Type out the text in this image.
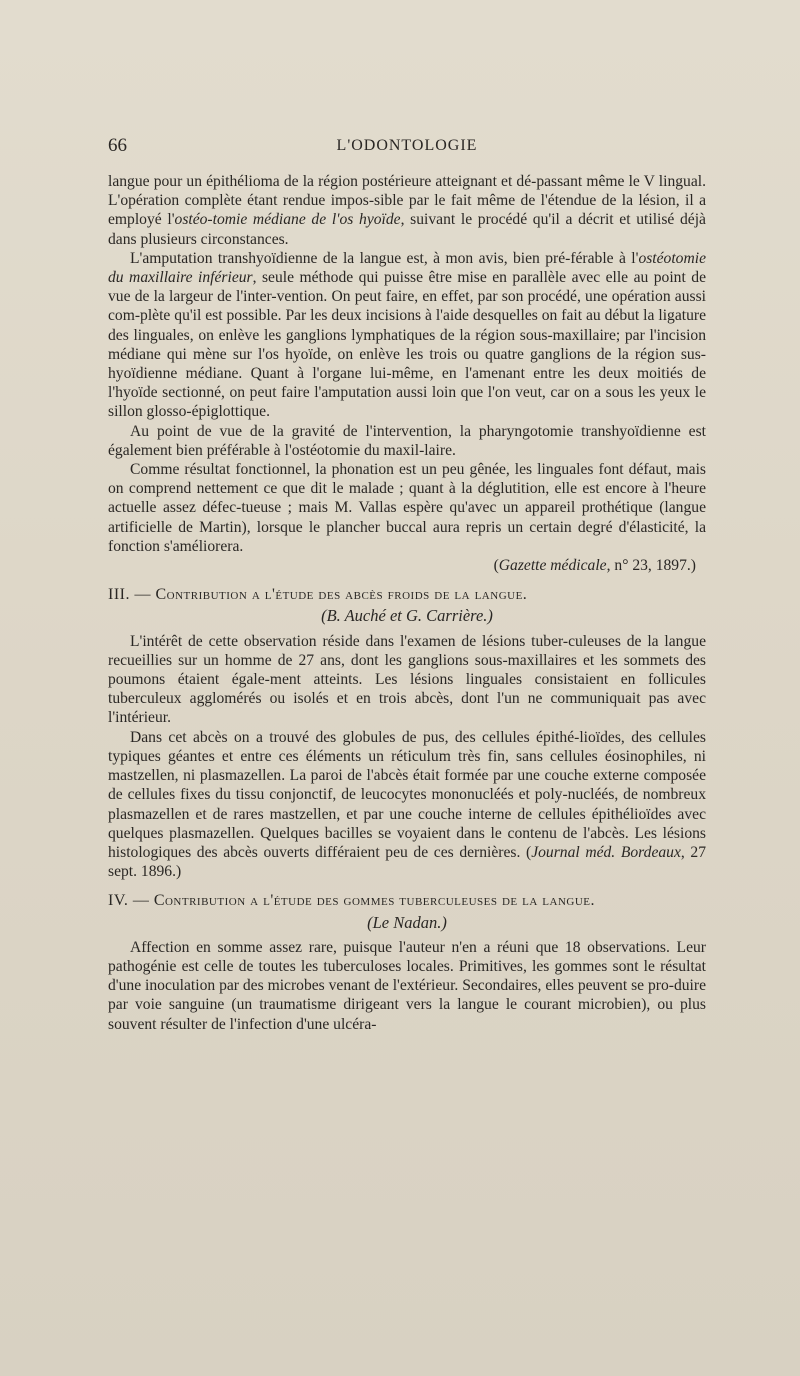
66	L'ODONTOLOGIE

langue pour un épithélioma de la région postérieure atteignant et dé-passant même le V lingual. L'opération complète étant rendue impos-sible par le fait même de l'étendue de la lésion, il a employé l'ostéo-tomie médiane de l'os hyoïde, suivant le procédé qu'il a décrit et utilisé déjà dans plusieurs circonstances.

L'amputation transhyoïdienne de la langue est, à mon avis, bien pré-férable à l'ostéotomie du maxillaire inférieur, seule méthode qui puisse être mise en parallèle avec elle au point de vue de la largeur de l'inter-vention. On peut faire, en effet, par son procédé, une opération aussi com-plète qu'il est possible. Par les deux incisions à l'aide desquelles on fait au début la ligature des linguales, on enlève les ganglions lymphatiques de la région sous-maxillaire; par l'incision médiane qui mène sur l'os hyoïde, on enlève les trois ou quatre ganglions de la région sus-hyoïdienne médiane. Quant à l'organe lui-même, en l'amenant entre les deux moitiés de l'hyoïde sectionné, on peut faire l'amputation aussi loin que l'on veut, car on a sous les yeux le sillon glosso-épiglottique.

Au point de vue de la gravité de l'intervention, la pharyngotomie transhyoïdienne est également bien préférable à l'ostéotomie du maxil-laire.

Comme résultat fonctionnel, la phonation est un peu gênée, les linguales font défaut, mais on comprend nettement ce que dit le malade ; quant à la déglutition, elle est encore à l'heure actuelle assez défec-tueuse ; mais M. Vallas espère qu'avec un appareil prothétique (langue artificielle de Martin), lorsque le plancher buccal aura repris un certain degré d'élasticité, la fonction s'améliorera.

(Gazette médicale, n° 23, 1897.)

III. — Contribution a l'étude des abcès froids de la langue.
(B. Auché et G. Carrière.)

L'intérêt de cette observation réside dans l'examen de lésions tuber-culeuses de la langue recueillies sur un homme de 27 ans, dont les ganglions sous-maxillaires et les sommets des poumons étaient égale-ment atteints. Les lésions linguales consistaient en follicules tuberculeux agglomérés ou isolés et en trois abcès, dont l'un ne communiquait pas avec l'intérieur.

Dans cet abcès on a trouvé des globules de pus, des cellules épithé-lioïdes, des cellules typiques géantes et entre ces éléments un réticulum très fin, sans cellules éosinophiles, ni mastzellen, ni plasmazellen. La paroi de l'abcès était formée par une couche externe composée de cellules fixes du tissu conjonctif, de leucocytes mononucléés et poly-nucléés, de nombreux plasmazellen et de rares mastzellen, et par une couche interne de cellules épithélioïdes avec quelques plasmazellen. Quelques bacilles se voyaient dans le contenu de l'abcès. Les lésions histologiques des abcès ouverts différaient peu de ces dernières. (Journal méd. Bordeaux, 27 sept. 1896.)

IV. — Contribution a l'étude des gommes tuberculeuses de la langue.
(Le Nadan.)

Affection en somme assez rare, puisque l'auteur n'en a réuni que 18 observations. Leur pathogénie est celle de toutes les tuberculoses locales. Primitives, les gommes sont le résultat d'une inoculation par des microbes venant de l'extérieur. Secondaires, elles peuvent se pro-duire par voie sanguine (un traumatisme dirigeant vers la langue le courant microbien), ou plus souvent résulter de l'infection d'une ulcéra-
